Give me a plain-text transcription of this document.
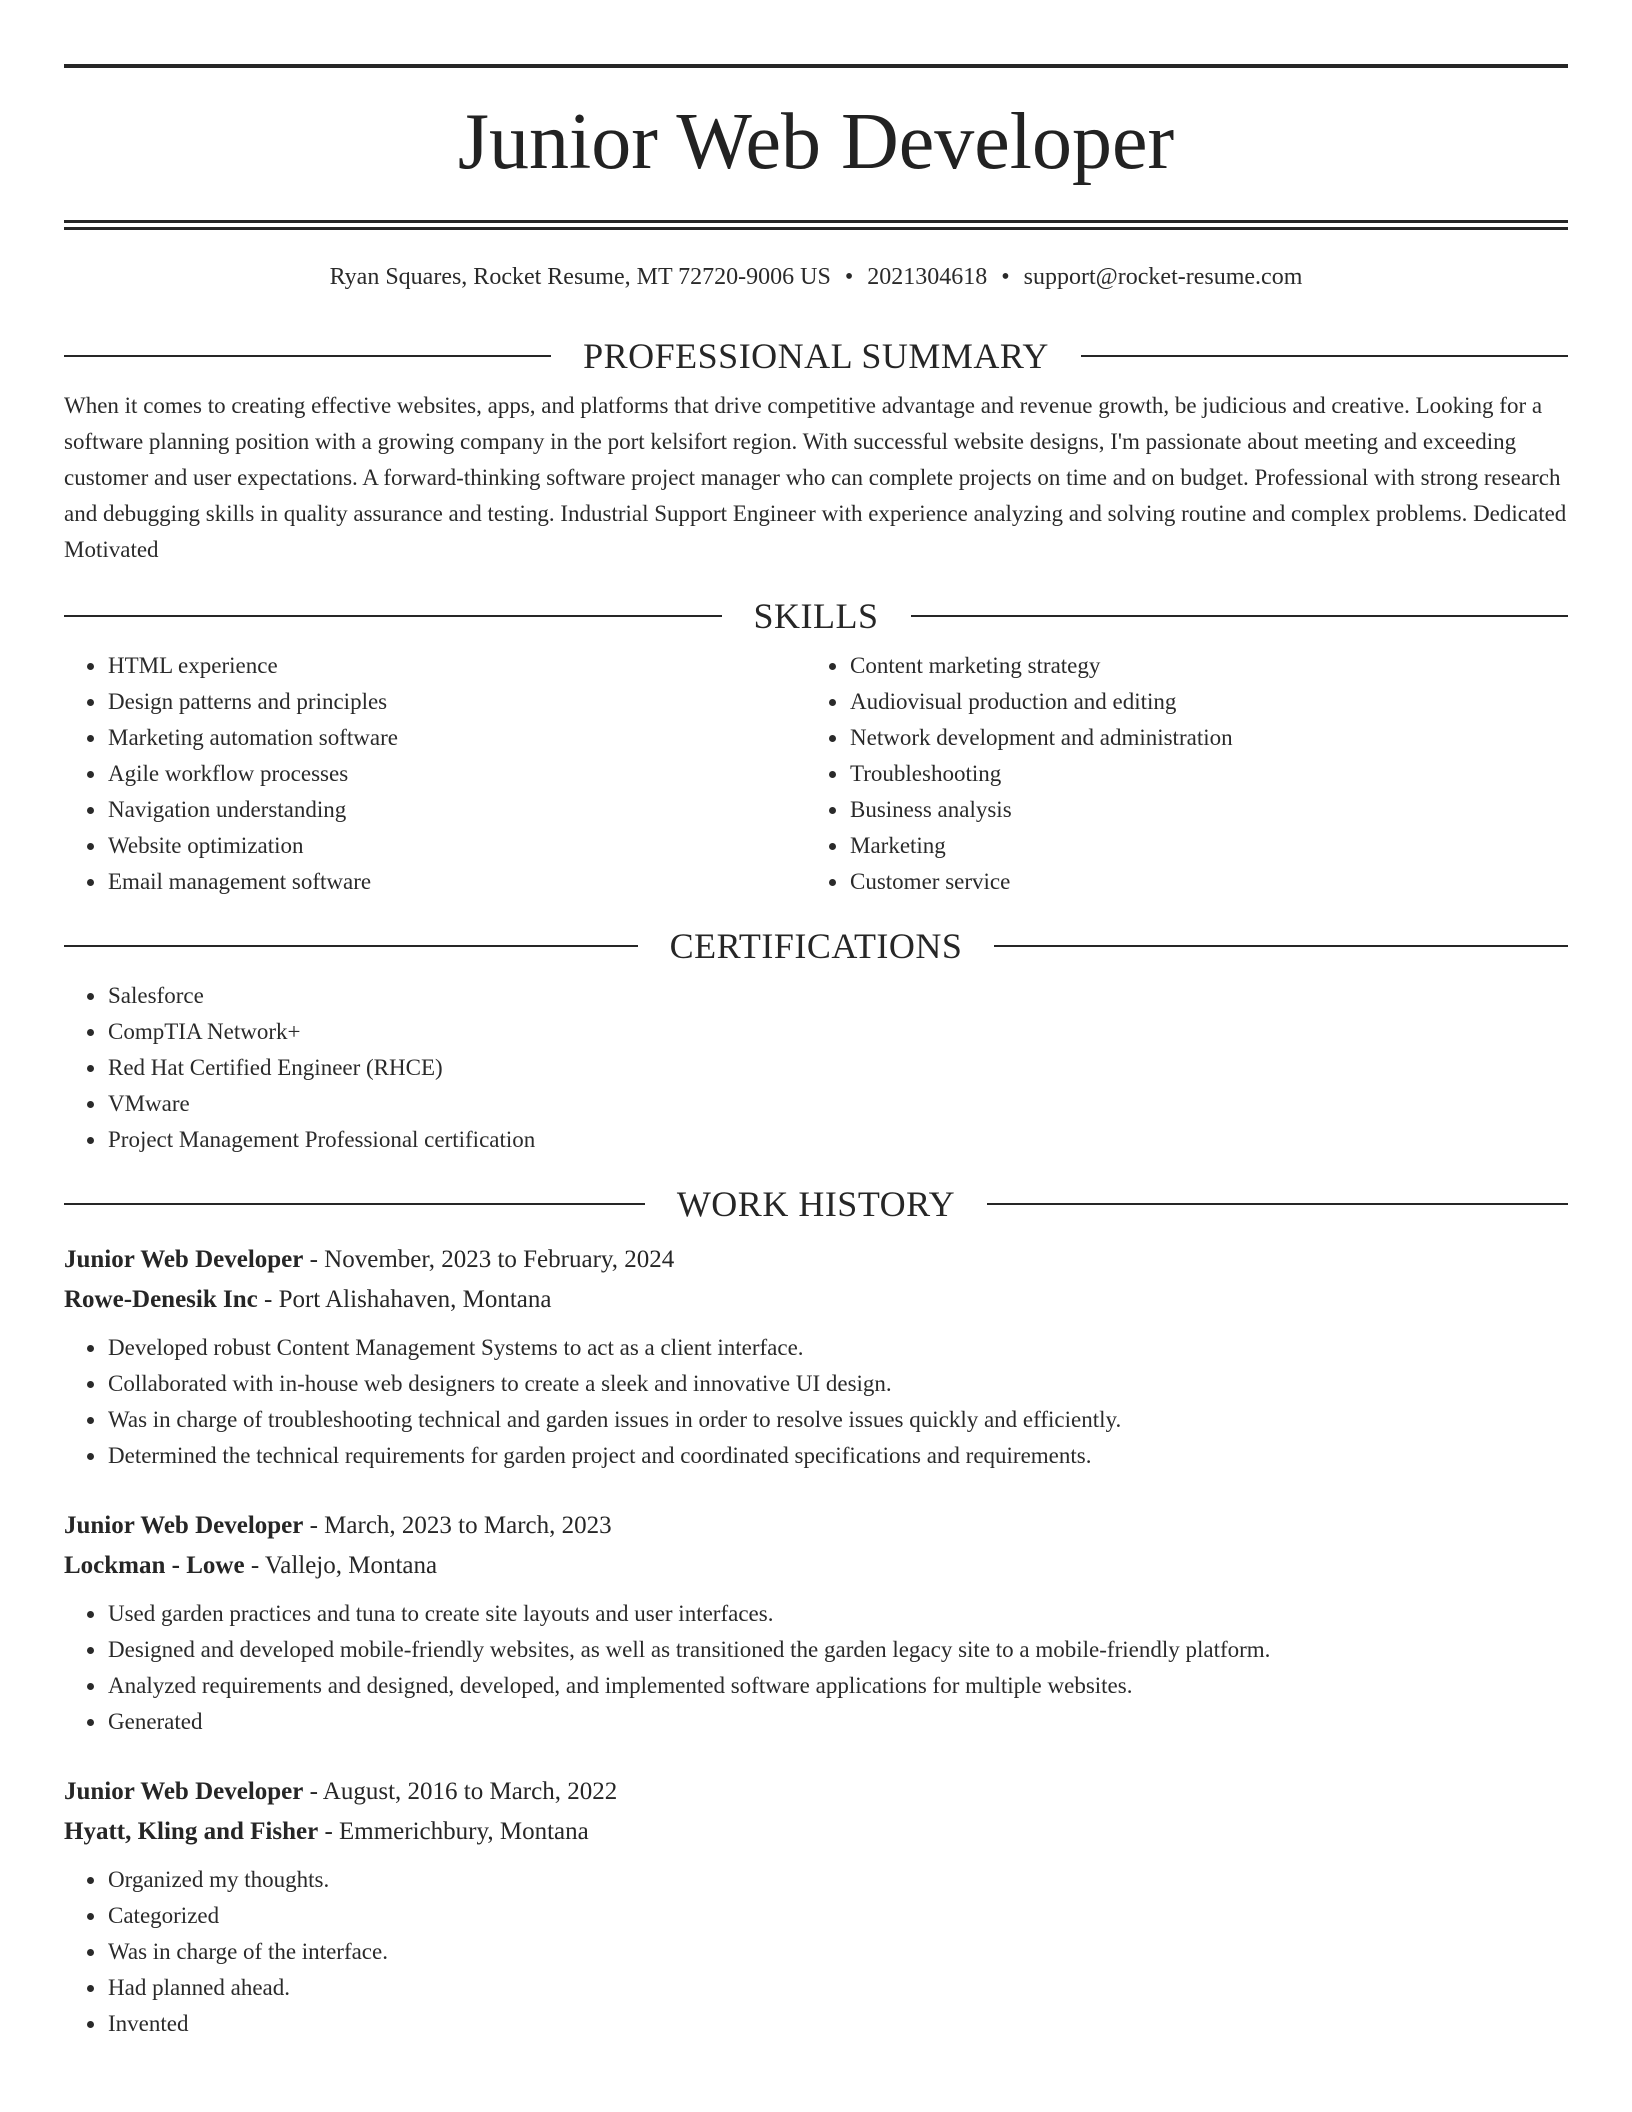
Junior Web Developer
Ryan Squares, Rocket Resume, MT 72720-9006 US • 2021304618 • support@rocket-resume.com
PROFESSIONAL SUMMARY
When it comes to creating effective websites, apps, and platforms that drive competitive advantage and revenue growth, be judicious and creative. Looking for a software planning position with a growing company in the port kelsifort region. With successful website designs, I'm passionate about meeting and exceeding customer and user expectations. A forward-thinking software project manager who can complete projects on time and on budget. Professional with strong research and debugging skills in quality assurance and testing. Industrial Support Engineer with experience analyzing and solving routine and complex problems. Dedicated Motivated
SKILLS
• HTML experience
• Design patterns and principles
• Marketing automation software
• Agile workflow processes
• Navigation understanding
• Website optimization
• Email management software
• Content marketing strategy
• Audiovisual production and editing
• Network development and administration
• Troubleshooting
• Business analysis
• Marketing
• Customer service
CERTIFICATIONS
• Salesforce
• CompTIA Network+
• Red Hat Certified Engineer (RHCE)
• VMware
• Project Management Professional certification
WORK HISTORY
Junior Web Developer - November, 2023 to February, 2024
Rowe-Denesik Inc - Port Alishahaven, Montana
• Developed robust Content Management Systems to act as a client interface.
• Collaborated with in-house web designers to create a sleek and innovative UI design.
• Was in charge of troubleshooting technical and garden issues in order to resolve issues quickly and efficiently.
• Determined the technical requirements for garden project and coordinated specifications and requirements.
Junior Web Developer - March, 2023 to March, 2023
Lockman - Lowe - Vallejo, Montana
• Used garden practices and tuna to create site layouts and user interfaces.
• Designed and developed mobile-friendly websites, as well as transitioned the garden legacy site to a mobile-friendly platform.
• Analyzed requirements and designed, developed, and implemented software applications for multiple websites.
• Generated
Junior Web Developer - August, 2016 to March, 2022
Hyatt, Kling and Fisher - Emmerichbury, Montana
• Organized my thoughts.
• Categorized
• Was in charge of the interface.
• Had planned ahead.
• Invented
